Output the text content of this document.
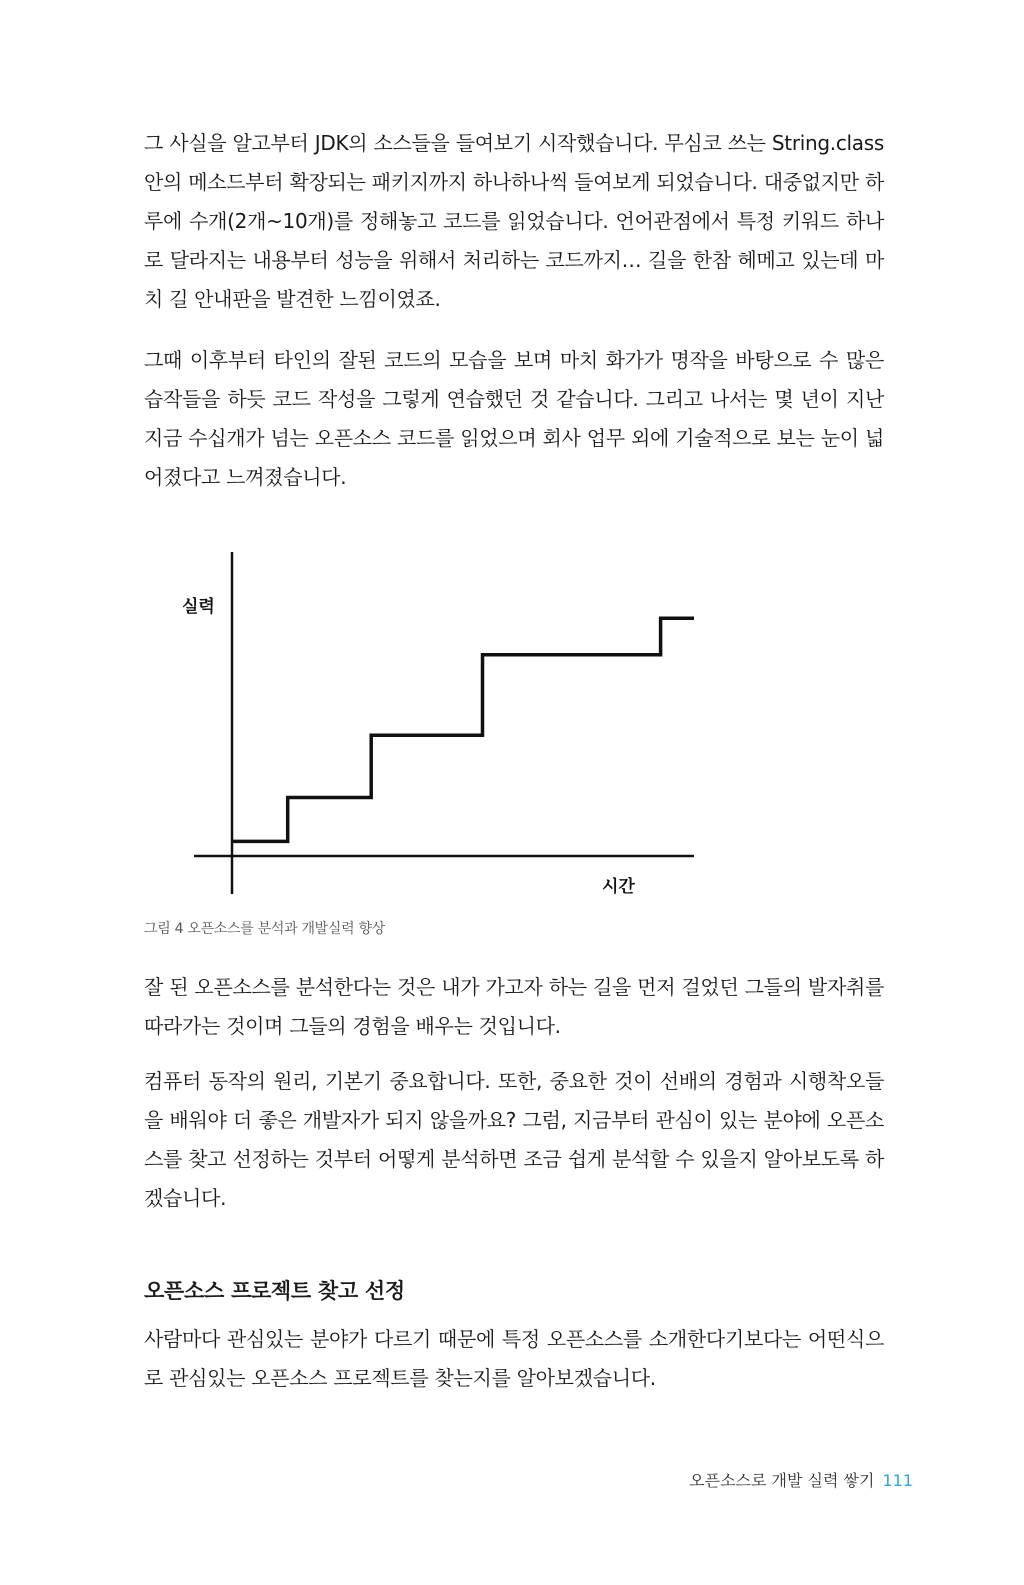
그 사실을 알고부터 JDK의 소스들을 들여보기 시작했습니다. 무심코 쓰는 String.class 안의 메소드부터 확장되는 패키지까지 하나하나씩 들여보게 되었습니다. 대중없지만 하루에 수개(2개~10개)를 정해놓고 코드를 읽었습니다. 언어관점에서 특정 키워드 하나로 달라지는 내용부터 성능을 위해서 처리하는 코드까지… 길을 한참 헤메고 있는데 마치 길 안내판을 발견한 느낌이였죠.

그때 이후부터 타인의 잘된 코드의 모습을 보며 마치 화가가 명작을 바탕으로 수 많은 습작들을 하듯 코드 작성을 그렇게 연습했던 것 같습니다. 그리고 나서는 몇 년이 지난 지금 수십개가 넘는 오픈소스 코드를 읽었으며 회사 업무 외에 기술적으로 보는 눈이 넓어졌다고 느껴졌습니다.

실력
시간
그림 4 오픈소스를 분석과 개발실력 향상

잘 된 오픈소스를 분석한다는 것은 내가 가고자 하는 길을 먼저 걸었던 그들의 발자취를 따라가는 것이며 그들의 경험을 배우는 것입니다.

컴퓨터 동작의 원리, 기본기 중요합니다. 또한, 중요한 것이 선배의 경험과 시행착오들을 배워야 더 좋은 개발자가 되지 않을까요? 그럼, 지금부터 관심이 있는 분야에 오픈소스를 찾고 선정하는 것부터 어떻게 분석하면 조금 쉽게 분석할 수 있을지 알아보도록 하겠습니다.

오픈소스 프로젝트 찾고 선정

사람마다 관심있는 분야가 다르기 때문에 특정 오픈소스를 소개한다기보다는 어떤식으로 관심있는 오픈소스 프로젝트를 찾는지를 알아보겠습니다.

오픈소스로 개발 실력 쌓기 111
